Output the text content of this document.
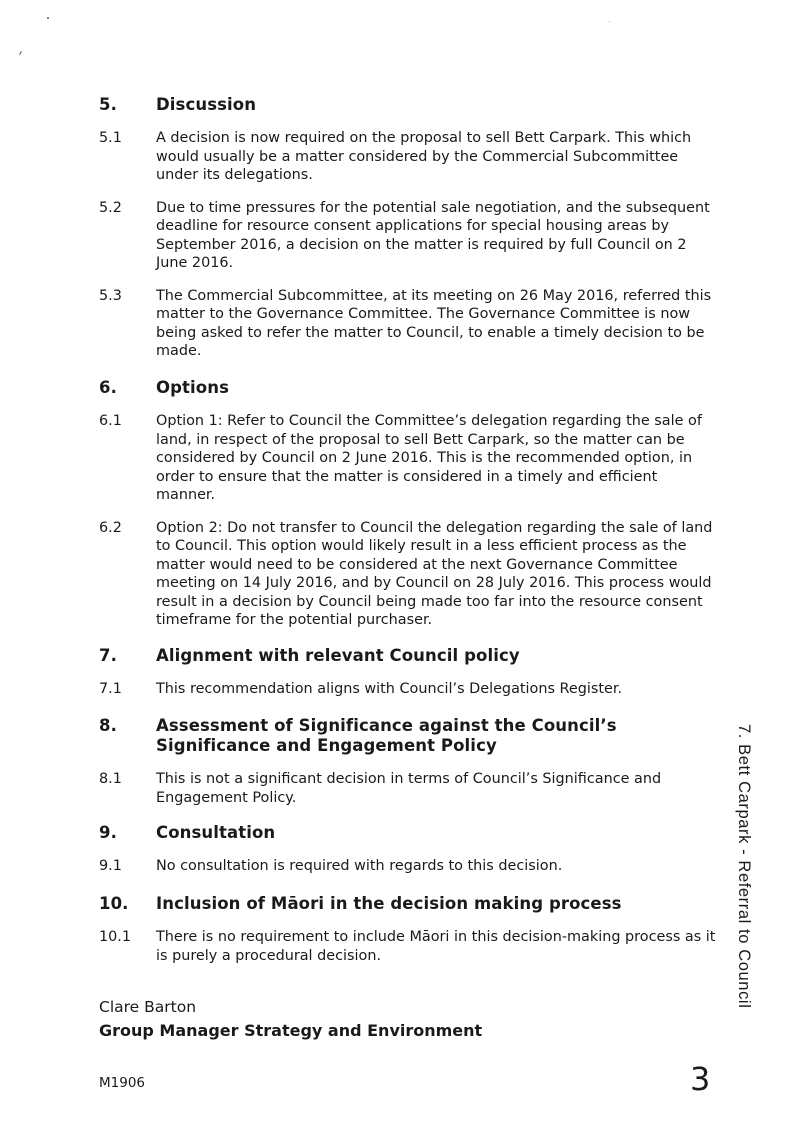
5. Discussion
5.1 A decision is now required on the proposal to sell Bett Carpark. This which would usually be a matter considered by the Commercial Subcommittee under its delegations.
5.2 Due to time pressures for the potential sale negotiation, and the subsequent deadline for resource consent applications for special housing areas by September 2016, a decision on the matter is required by full Council on 2 June 2016.
5.3 The Commercial Subcommittee, at its meeting on 26 May 2016, referred this matter to the Governance Committee. The Governance Committee is now being asked to refer the matter to Council, to enable a timely decision to be made.
6. Options
6.1 Option 1: Refer to Council the Committee’s delegation regarding the sale of land, in respect of the proposal to sell Bett Carpark, so the matter can be considered by Council on 2 June 2016. This is the recommended option, in order to ensure that the matter is considered in a timely and efficient manner.
6.2 Option 2: Do not transfer to Council the delegation regarding the sale of land to Council. This option would likely result in a less efficient process as the matter would need to be considered at the next Governance Committee meeting on 14 July 2016, and by Council on 28 July 2016. This process would result in a decision by Council being made too far into the resource consent timeframe for the potential purchaser.
7. Alignment with relevant Council policy
7.1 This recommendation aligns with Council’s Delegations Register.
8. Assessment of Significance against the Council’s Significance and Engagement Policy
8.1 This is not a significant decision in terms of Council’s Significance and Engagement Policy.
9. Consultation
9.1 No consultation is required with regards to this decision.
10. Inclusion of Māori in the decision making process
10.1 There is no requirement to include Māori in this decision-making process as it is purely a procedural decision.
Clare Barton
Group Manager Strategy and Environment
M1906	3
7. Bett Carpark - Referral to Council
